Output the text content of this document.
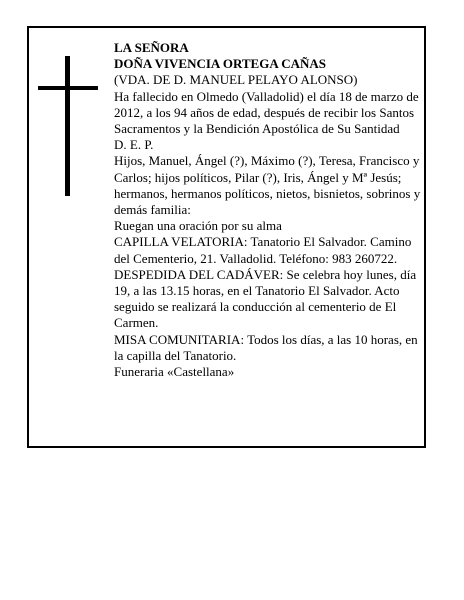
LA SEÑORA

DOÑA VIVENCIA ORTEGA CAÑAS

(VDA. DE D. MANUEL PELAYO ALONSO)

Ha fallecido en Olmedo (Valladolid) el día 18 de marzo de 2012, a los 94 años de edad, después de recibir los Santos Sacramentos y la Bendición Apostólica de Su Santidad

D. E. P.

Hijos, Manuel, Ángel (?), Máximo (?), Teresa, Francisco y Carlos; hijos políticos, Pilar (?), Iris, Ángel y Mª Jesús; hermanos, hermanos políticos, nietos, bisnietos, sobrinos y demás familia:

Ruegan una oración por su alma

CAPILLA VELATORIA: Tanatorio El Salvador. Camino del Cementerio, 21. Valladolid. Teléfono: 983 260722.

DESPEDIDA DEL CADÁVER: Se celebra hoy lunes, día 19, a las 13.15 horas, en el Tanatorio El Salvador. Acto seguido se realizará la conducción al cementerio de El Carmen.

MISA COMUNITARIA: Todos los días, a las 10 horas, en la capilla del Tanatorio.

Funeraria «Castellana»
